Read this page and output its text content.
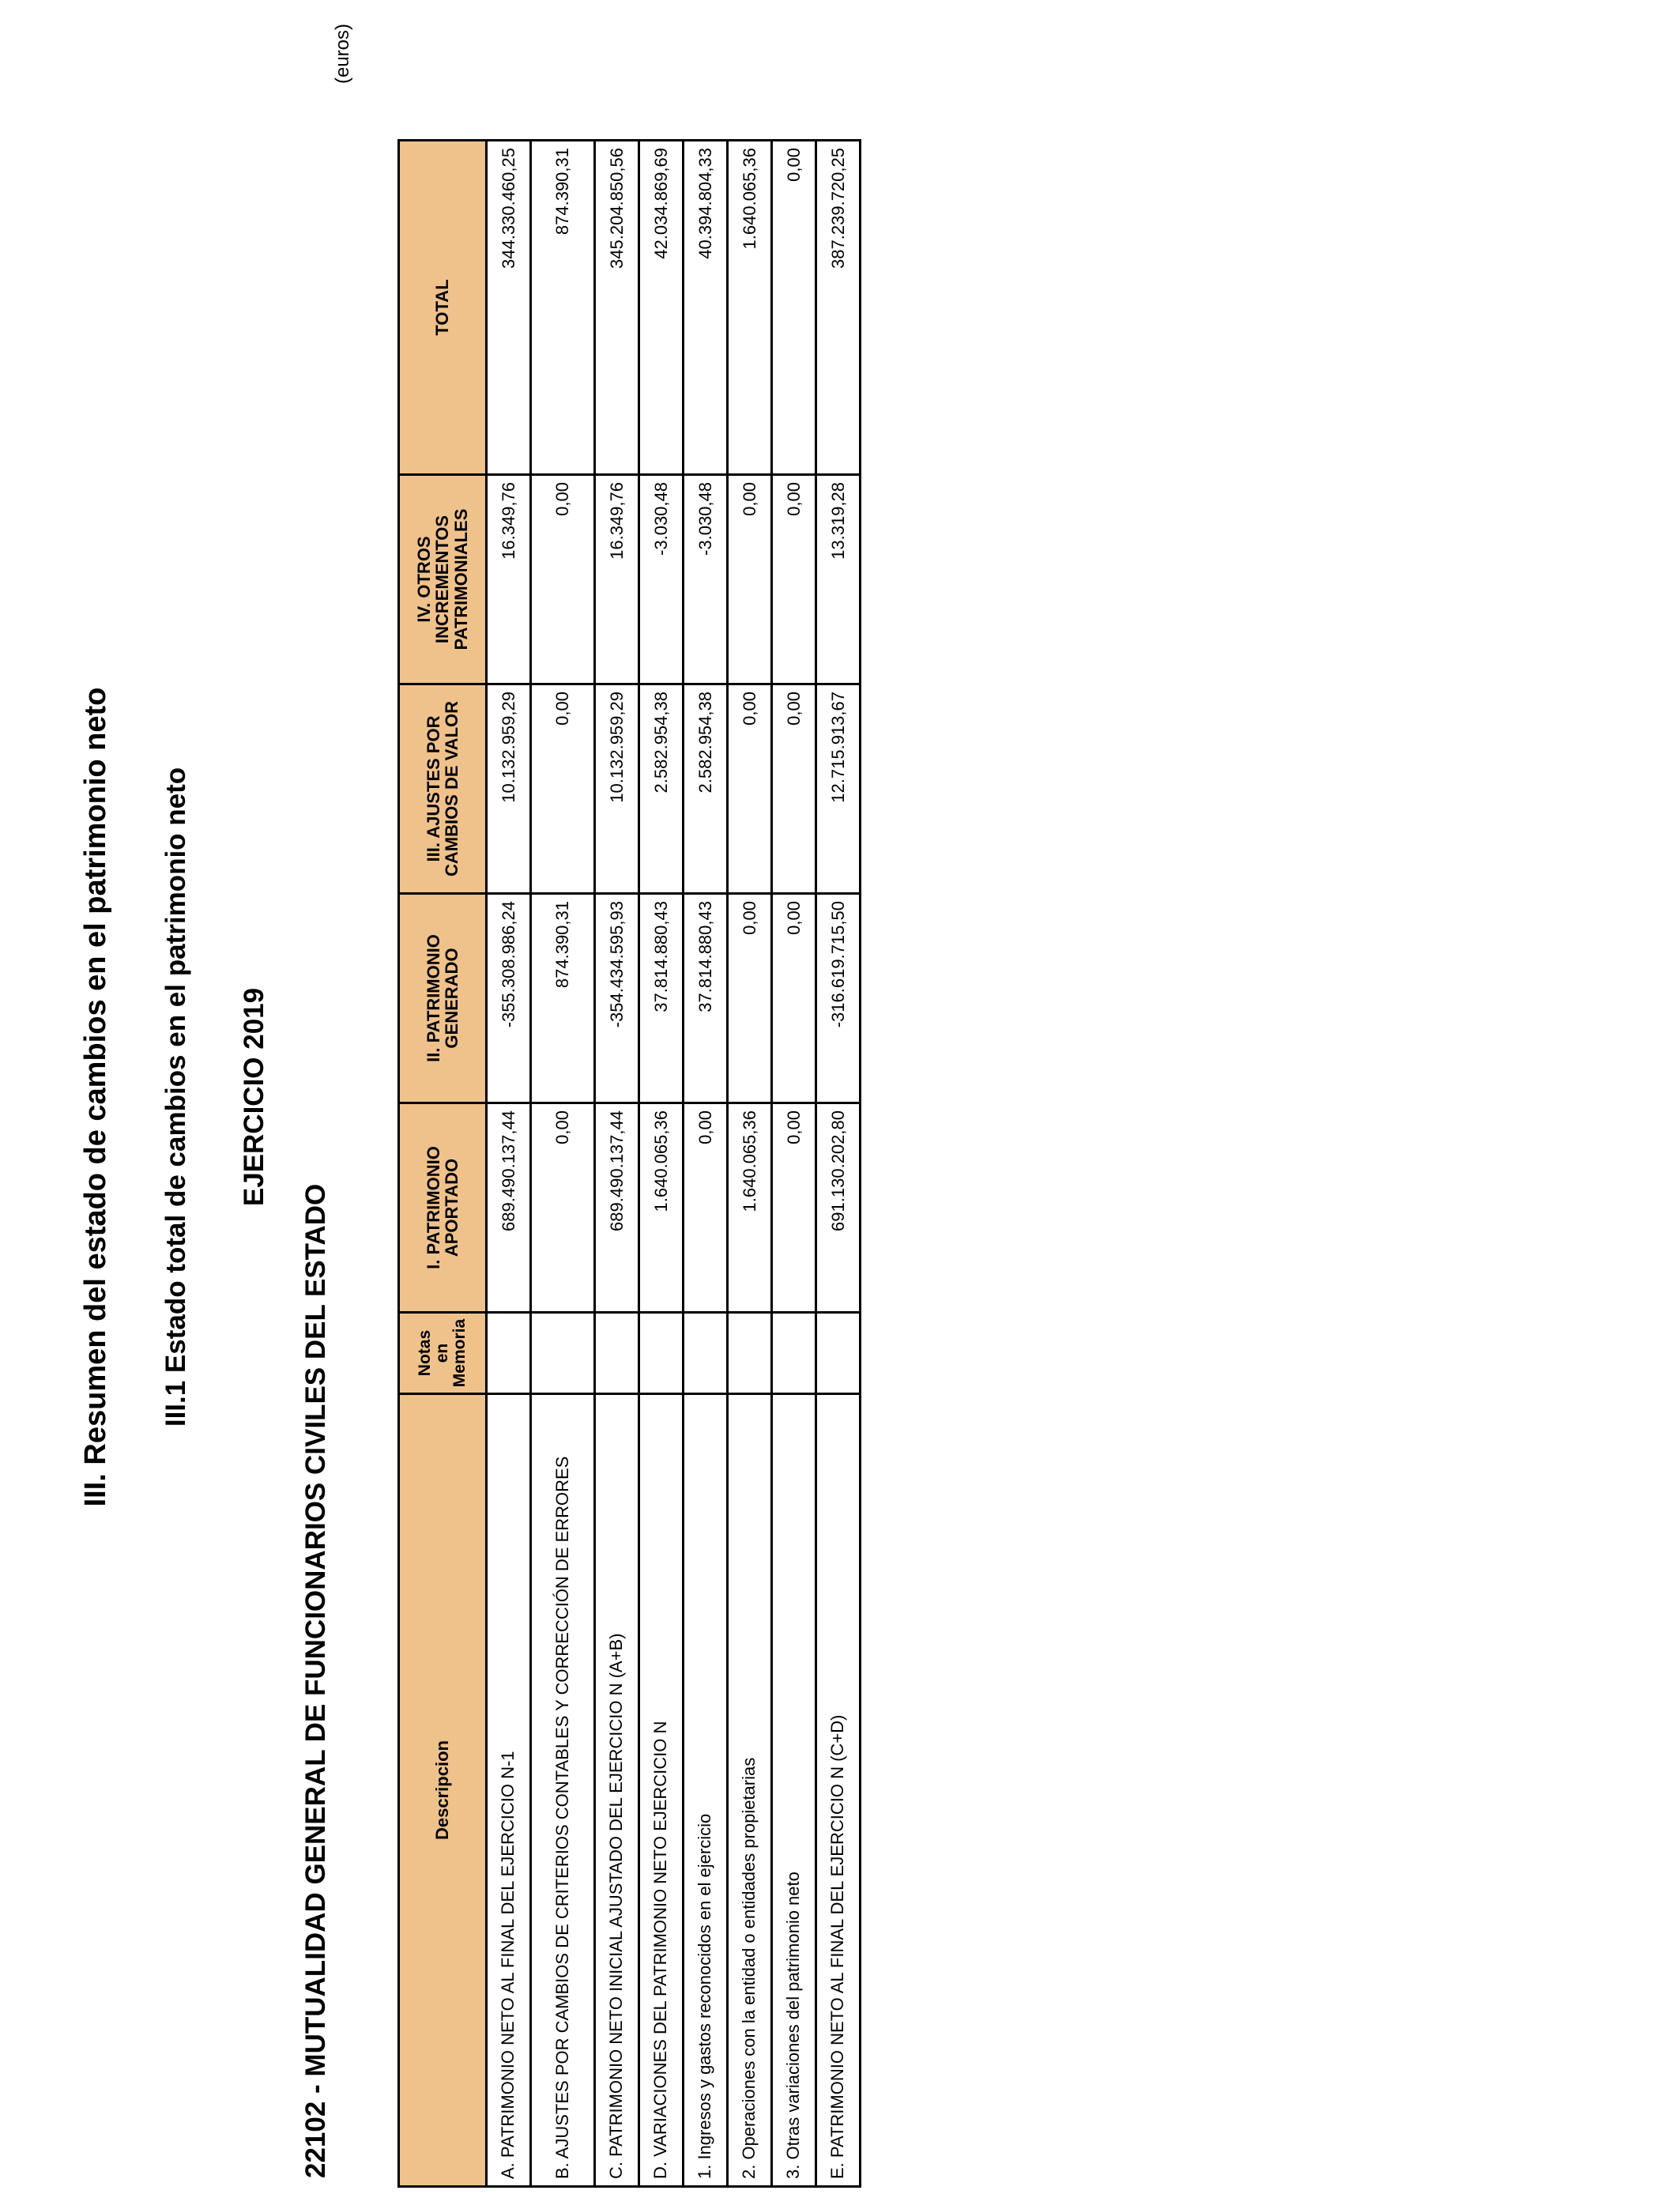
III. Resumen del estado de cambios en el patrimonio neto III.1 Estado total de cambios en el patrimonio neto EJERCICIO 2019
22102 - MUTUALIDAD GENERAL DE FUNCIONARIOS CIVILES DEL ESTADO
(euros)
Descripcion	Notas en Memoria	I. PATRIMONIO APORTADO	II. PATRIMONIO GENERADO	III. AJUSTES POR CAMBIOS DE VALOR	IV. OTROS INCREMENTOS PATRIMONIALES	TOTAL
A. PATRIMONIO NETO AL FINAL DEL EJERCICIO N-1		689.490.137,44	-355.308.986,24	10.132.959,29	16.349,76	344.330.460,25
B. AJUSTES POR CAMBIOS DE CRITERIOS CONTABLES Y CORRECCIÓN DE ERRORES		0,00	874.390,31	0,00	0,00	874.390,31
C. PATRIMONIO NETO INICIAL AJUSTADO DEL EJERCICIO N (A+B)		689.490.137,44	-354.434.595,93	10.132.959,29	16.349,76	345.204.850,56
D. VARIACIONES DEL PATRIMONIO NETO EJERCICIO N		1.640.065,36	37.814.880,43	2.582.954,38	-3.030,48	42.034.869,69
1. Ingresos y gastos reconocidos en el ejercicio		0,00	37.814.880,43	2.582.954,38	-3.030,48	40.394.804,33
2. Operaciones con la entidad o entidades propietarias		1.640.065,36	0,00	0,00	0,00	1.640.065,36
3. Otras variaciones del patrimonio neto		0,00	0,00	0,00	0,00	0,00
E. PATRIMONIO NETO AL FINAL DEL EJERCICIO N (C+D)		691.130.202,80	-316.619.715,50	12.715.913,67	13.319,28	387.239.720,25
